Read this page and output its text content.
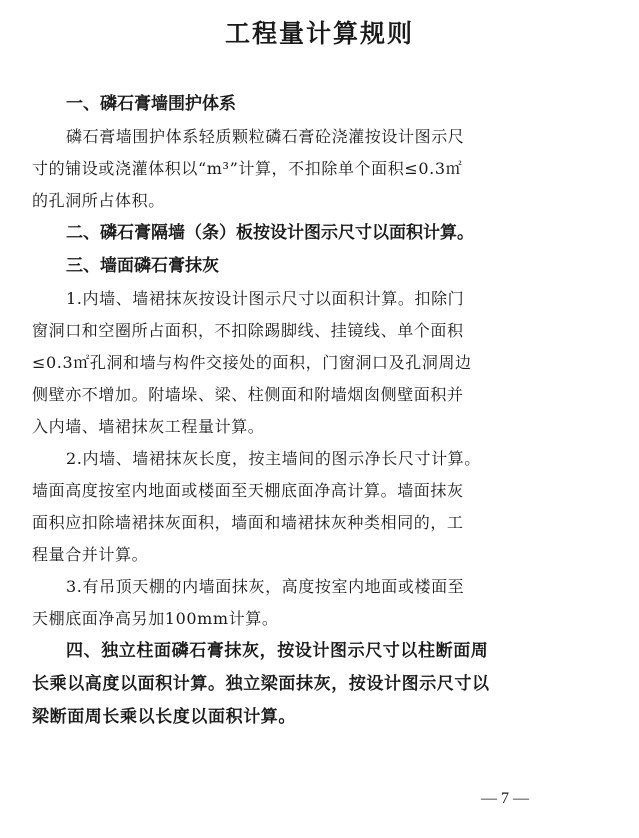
工程量计算规则
一、磷石膏墙围护体系
磷石膏墙围护体系轻质颗粒磷石膏砼浇灌按设计图示尺
寸的铺设或浇灌体积以“m³”计算，不扣除单个面积≤0.3㎡
的孔洞所占体积。
二、磷石膏隔墙（条）板按设计图示尺寸以面积计算。
三、墙面磷石膏抹灰
1.内墙、墙裙抹灰按设计图示尺寸以面积计算。扣除门
窗洞口和空圈所占面积，不扣除踢脚线、挂镜线、单个面积
≤0.3㎡孔洞和墙与构件交接处的面积，门窗洞口及孔洞周边
侧壁亦不增加。附墙垛、梁、柱侧面和附墙烟囱侧壁面积并
入内墙、墙裙抹灰工程量计算。
2.内墙、墙裙抹灰长度，按主墙间的图示净长尺寸计算。
墙面高度按室内地面或楼面至天棚底面净高计算。墙面抹灰
面积应扣除墙裙抹灰面积，墙面和墙裙抹灰种类相同的，工
程量合并计算。
3.有吊顶天棚的内墙面抹灰，高度按室内地面或楼面至
天棚底面净高另加100mm计算。
四、独立柱面磷石膏抹灰，按设计图示尺寸以柱断面周
长乘以高度以面积计算。独立梁面抹灰，按设计图示尺寸以
梁断面周长乘以长度以面积计算。
— 7 —
